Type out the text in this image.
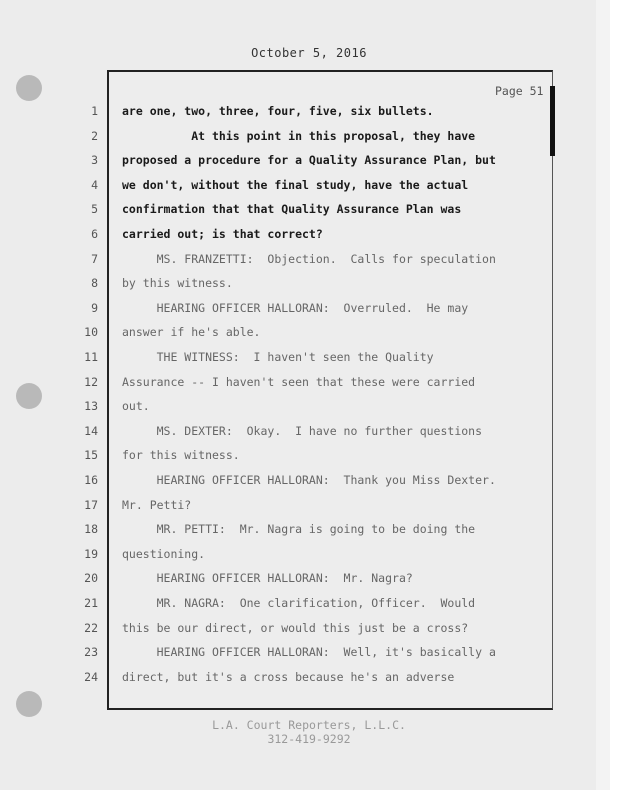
October 5, 2016
Page 51
1 are one, two, three, four, five, six bullets.
2 At this point in this proposal, they have
3 proposed a procedure for a Quality Assurance Plan, but
4 we don't, without the final study, have the actual
5 confirmation that that Quality Assurance Plan was
6 carried out; is that correct?
7 MS. FRANZETTI:  Objection.  Calls for speculation
8 by this witness.
9 HEARING OFFICER HALLORAN:  Overruled.  He may
10 answer if he's able.
11 THE WITNESS:  I haven't seen the Quality
12 Assurance -- I haven't seen that these were carried
13 out.
14 MS. DEXTER:  Okay.  I have no further questions
15 for this witness.
16 HEARING OFFICER HALLORAN:  Thank you Miss Dexter.
17 Mr. Petti?
18 MR. PETTI:  Mr. Nagra is going to be doing the
19 questioning.
20 HEARING OFFICER HALLORAN:  Mr. Nagra?
21 MR. NAGRA:  One clarification, Officer.  Would
22 this be our direct, or would this just be a cross?
23 HEARING OFFICER HALLORAN:  Well, it's basically a
24 direct, but it's a cross because he's an adverse
L.A. Court Reporters, L.L.C.
312-419-9292
